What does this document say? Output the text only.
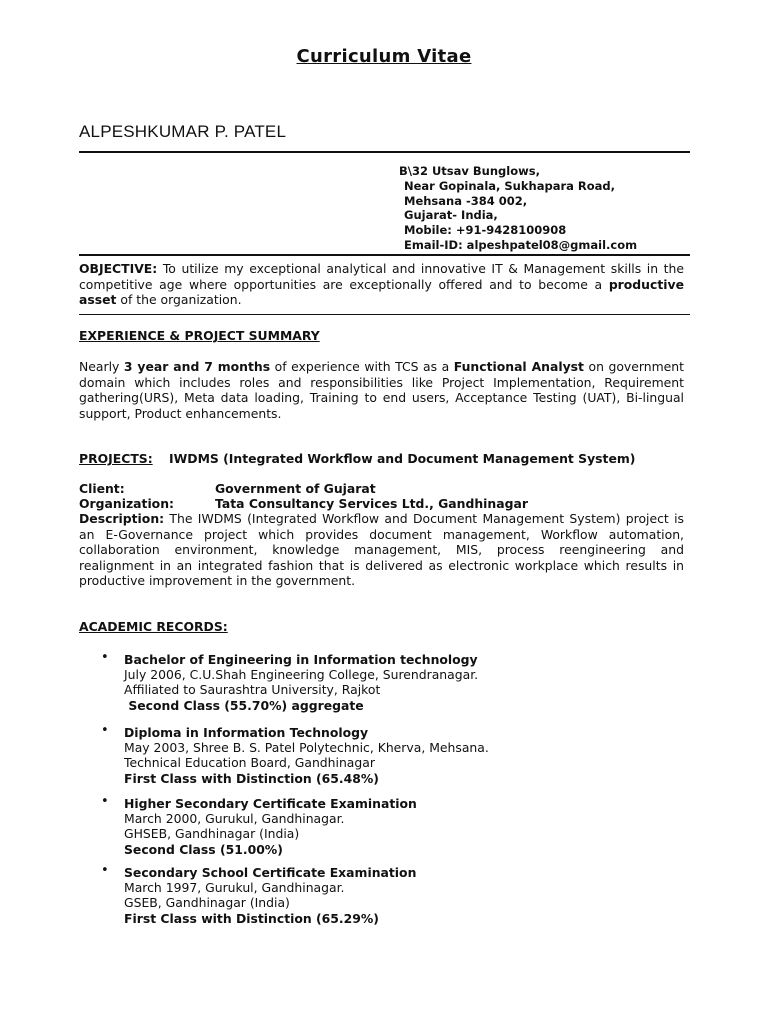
Curriculum Vitae
ALPESHKUMAR P. PATEL
B\32 Utsav Bunglows,
Near Gopinala, Sukhapara Road,
Mehsana -384 002,
Gujarat- India,
Mobile: +91-9428100908
Email-ID: alpeshpatel08@gmail.com
OBJECTIVE: To utilize my exceptional analytical and innovative IT & Management skills in the competitive age where opportunities are exceptionally offered and to become a productive asset of the organization.
EXPERIENCE & PROJECT SUMMARY
Nearly 3 year and 7 months of experience with TCS as a Functional Analyst on government domain which includes roles and responsibilities like Project Implementation, Requirement gathering(URS), Meta data loading, Training to end users, Acceptance Testing (UAT), Bi-lingual support, Product enhancements.
PROJECTS: IWDMS (Integrated Workflow and Document Management System)
Client:	Government of Gujarat
Organization:	Tata Consultancy Services Ltd., Gandhinagar
Description: The IWDMS (Integrated Workflow and Document Management System) project is an E-Governance project which provides document management, Workflow automation, collaboration environment, knowledge management, MIS, process reengineering and realignment in an integrated fashion that is delivered as electronic workplace which results in productive improvement in the government.
ACADEMIC RECORDS:
• Bachelor of Engineering in Information technology
July 2006, C.U.Shah Engineering College, Surendranagar.
Affiliated to Saurashtra University, Rajkot
Second Class (55.70%) aggregate
• Diploma in Information Technology
May 2003, Shree B. S. Patel Polytechnic, Kherva, Mehsana.
Technical Education Board, Gandhinagar
First Class with Distinction (65.48%)
• Higher Secondary Certificate Examination
March 2000, Gurukul, Gandhinagar.
GHSEB, Gandhinagar (India)
Second Class (51.00%)
• Secondary School Certificate Examination
March 1997, Gurukul, Gandhinagar.
GSEB, Gandhinagar (India)
First Class with Distinction (65.29%)
